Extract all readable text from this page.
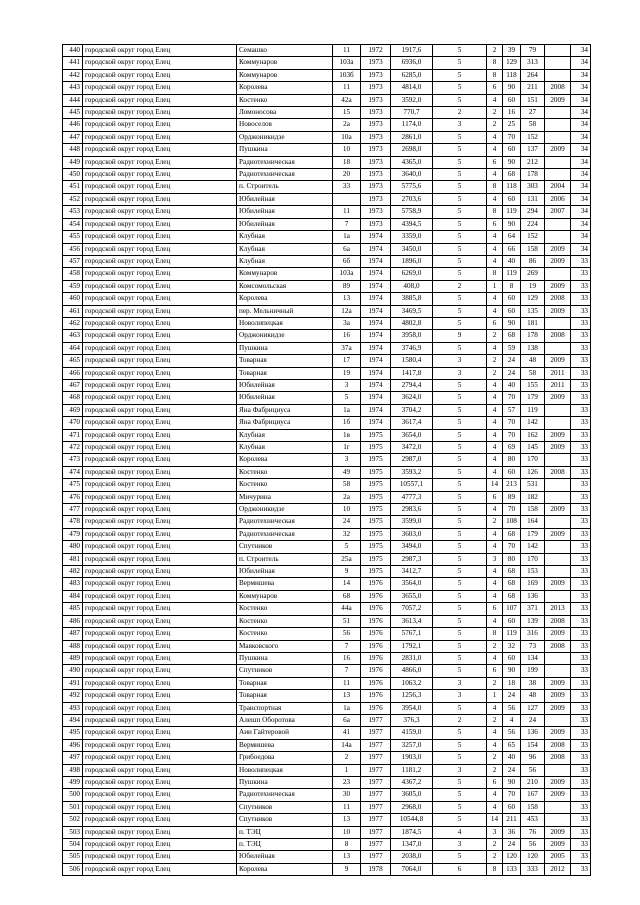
440	городской округ город Елец	Семашко	11	1972	1917,6	5	2	39	79		34
441	городской округ город Елец	Коммунаров	103а	1973	6936,0	5	8	129	313		34
442	городской округ город Елец	Коммунаров	103б	1973	6285,0	5	8	118	264		34
443	городской округ город Елец	Королева	11	1973	4814,0	5	6	90	211	2008	34
444	городской округ город Елец	Костенко	42а	1973	3592,0	5	4	60	151	2009	34
445	городской округ город Елец	Ломоносова	15	1973	770,7	2	2	16	27		34
446	городской округ город Елец	Новоселов	2а	1973	1174,0	3	2	25	58		34
447	городской округ город Елец	Орджоникидзе	10а	1973	2861,0	5	4	70	152		34
448	городской округ город Елец	Пушкина	10	1973	2698,0	5	4	60	137	2009	34
449	городской округ город Елец	Радиотехническая	18	1973	4365,0	5	6	90	212		34
450	городской округ город Елец	Радиотехническая	20	1973	3640,0	5	4	68	178		34
451	городской округ город Елец	п. Строитель	33	1973	5775,6	5	8	118	303	2004	34
452	городской округ город Елец	Юбилейная		1973	2703,6	5	4	60	131	2006	34
453	городской округ город Елец	Юбилейная	11	1973	5758,9	5	8	119	294	2007	34
454	городской округ город Елец	Юбилейная	7	1973	4394,5	5	6	90	224		34
455	городской округ город Елец	Клубная	1а	1974	3359,0	5	4	64	152		34
456	городской округ город Елец	Клубная	6а	1974	3450,0	5	4	66	158	2009	34
457	городской округ город Елец	Клубная	6б	1974	1896,0	5	4	40	86	2009	33
458	городской округ город Елец	Коммунаров	103а	1974	6269,0	5	8	119	269		33
459	городской округ город Елец	Комсомольская	89	1974	408,0	2	1	8	19	2009	33
460	городской округ город Елец	Королева	13	1974	3885,8	5	4	60	129	2008	33
461	городской округ город Елец	пер. Мельничный	12а	1974	3469,5	5	4	60	135	2009	33
462	городской округ город Елец	Новолипецкая	3а	1974	4802,8	5	6	90	181		33
463	городской округ город Елец	Орджоникидзе	16	1974	3958,0	9	2	68	178	2008	33
464	городской округ город Елец	Пушкина	37а	1974	3746,9	5	4	59	138		33
465	городской округ город Елец	Товарная	17	1974	1580,4	3	2	24	48	2009	33
466	городской округ город Елец	Товарная	19	1974	1417,8	3	2	24	58	2011	33
467	городской округ город Елец	Юбилейная	3	1974	2794,4	5	4	40	155	2011	33
468	городской округ город Елец	Юбилейная	5	1974	3624,0	5	4	70	179	2009	33
469	городской округ город Елец	Яна Фабрициуса	1а	1974	3704,2	5	4	57	119		33
470	городской округ город Елец	Яна Фабрициуса	1б	1974	3617,4	5	4	70	142		33
471	городской округ город Елец	Клубная	1в	1975	3654,0	5	4	70	162	2009	33
472	городской округ город Елец	Клубная	1г	1975	3472,0	5	4	69	145	2009	33
473	городской округ город Елец	Королева	3	1975	2987,0	5	4	80	170		33
474	городской округ город Елец	Костенко	49	1975	3593,2	5	4	60	126	2008	33
475	городской округ город Елец	Костенко	58	1975	10557,1	5	14	213	531		33
476	городской округ город Елец	Мичурина	2а	1975	4777,3	5	6	89	182		33
477	городской округ город Елец	Орджоникидзе	10	1975	2983,6	5	4	70	158	2009	33
478	городской округ город Елец	Радиотехническая	24	1975	3599,0	5	2	108	164		33
479	городской округ город Елец	Радиотехническая	32	1975	3603,0	5	4	68	179	2009	33
480	городской округ город Елец	Спутников	5	1975	3494,0	5	4	70	142		33
481	городской округ город Елец	п. Строитель	25а	1975	2987,3	5	3	80	170		33
482	городской округ город Елец	Юбилейная	9	1975	3412,7	5	4	68	153		33
483	городской округ город Елец	Вермишева	14	1976	3564,0	5	4	68	169	2009	33
484	городской округ город Елец	Коммунаров	68	1976	3655,0	5	4	68	136		33
485	городской округ город Елец	Костенко	44а	1976	7057,2	5	6	107	371	2013	33
486	городской округ город Елец	Костенко	51	1976	3613,4	5	4	60	139	2008	33
487	городской округ город Елец	Костенко	56	1976	5767,1	5	8	119	316	2009	33
488	городской округ город Елец	Маяковского	7	1976	1792,1	5	2	32	73	2008	33
489	городской округ город Елец	Пушкина	16	1976	2831,0	5	4	60	134		33
490	городской округ город Елец	Спутников	7	1976	4866,0	5	6	90	199		33
491	городской округ город Елец	Товарная	11	1976	1063,2	3	2	18	38	2009	33
492	городской округ город Елец	Товарная	13	1976	1256,3	3	1	24	48	2009	33
493	городской округ город Елец	Транспортная	1а	1976	3954,0	5	4	56	127	2009	33
494	городской округ город Елец	Алешп Оборотова	6а	1977	376,3	2	2	4	24		33
495	городской округ город Елец	Аии Гайтеровой	41	1977	4159,0	5	4	56	136	2009	33
496	городской округ город Елец	Вермишева	14а	1977	3257,0	5	4	65	154	2008	33
497	городской округ город Елец	Грибоедова	2	1977	1903,0	5	2	40	96	2008	33
498	городской округ город Елец	Новолипецкая	1	1977	1181,2	3	2	24	56		33
499	городской округ город Елец	Пушкина	23	1977	4367,2	5	6	90	210	2009	33
500	городской округ город Елец	Радиотехническая	30	1977	3605,0	5	4	70	167	2009	33
501	городской округ город Елец	Спутников	11	1977	2968,0	5	4	60	158		33
502	городской округ город Елец	Спутников	13	1977	10544,8	5	14	211	453		33
503	городской округ город Елец	п. ТЭЦ	10	1977	1874,5	4	3	36	76	2009	33
504	городской округ город Елец	п. ТЭЦ	8	1977	1347,0	3	2	24	56	2009	33
505	городской округ город Елец	Юбилейная	13	1977	2038,0	5	2	120	120	2005	33
506	городской округ город Елец	Королева	9	1978	7064,0	6	8	133	333	2012	33
